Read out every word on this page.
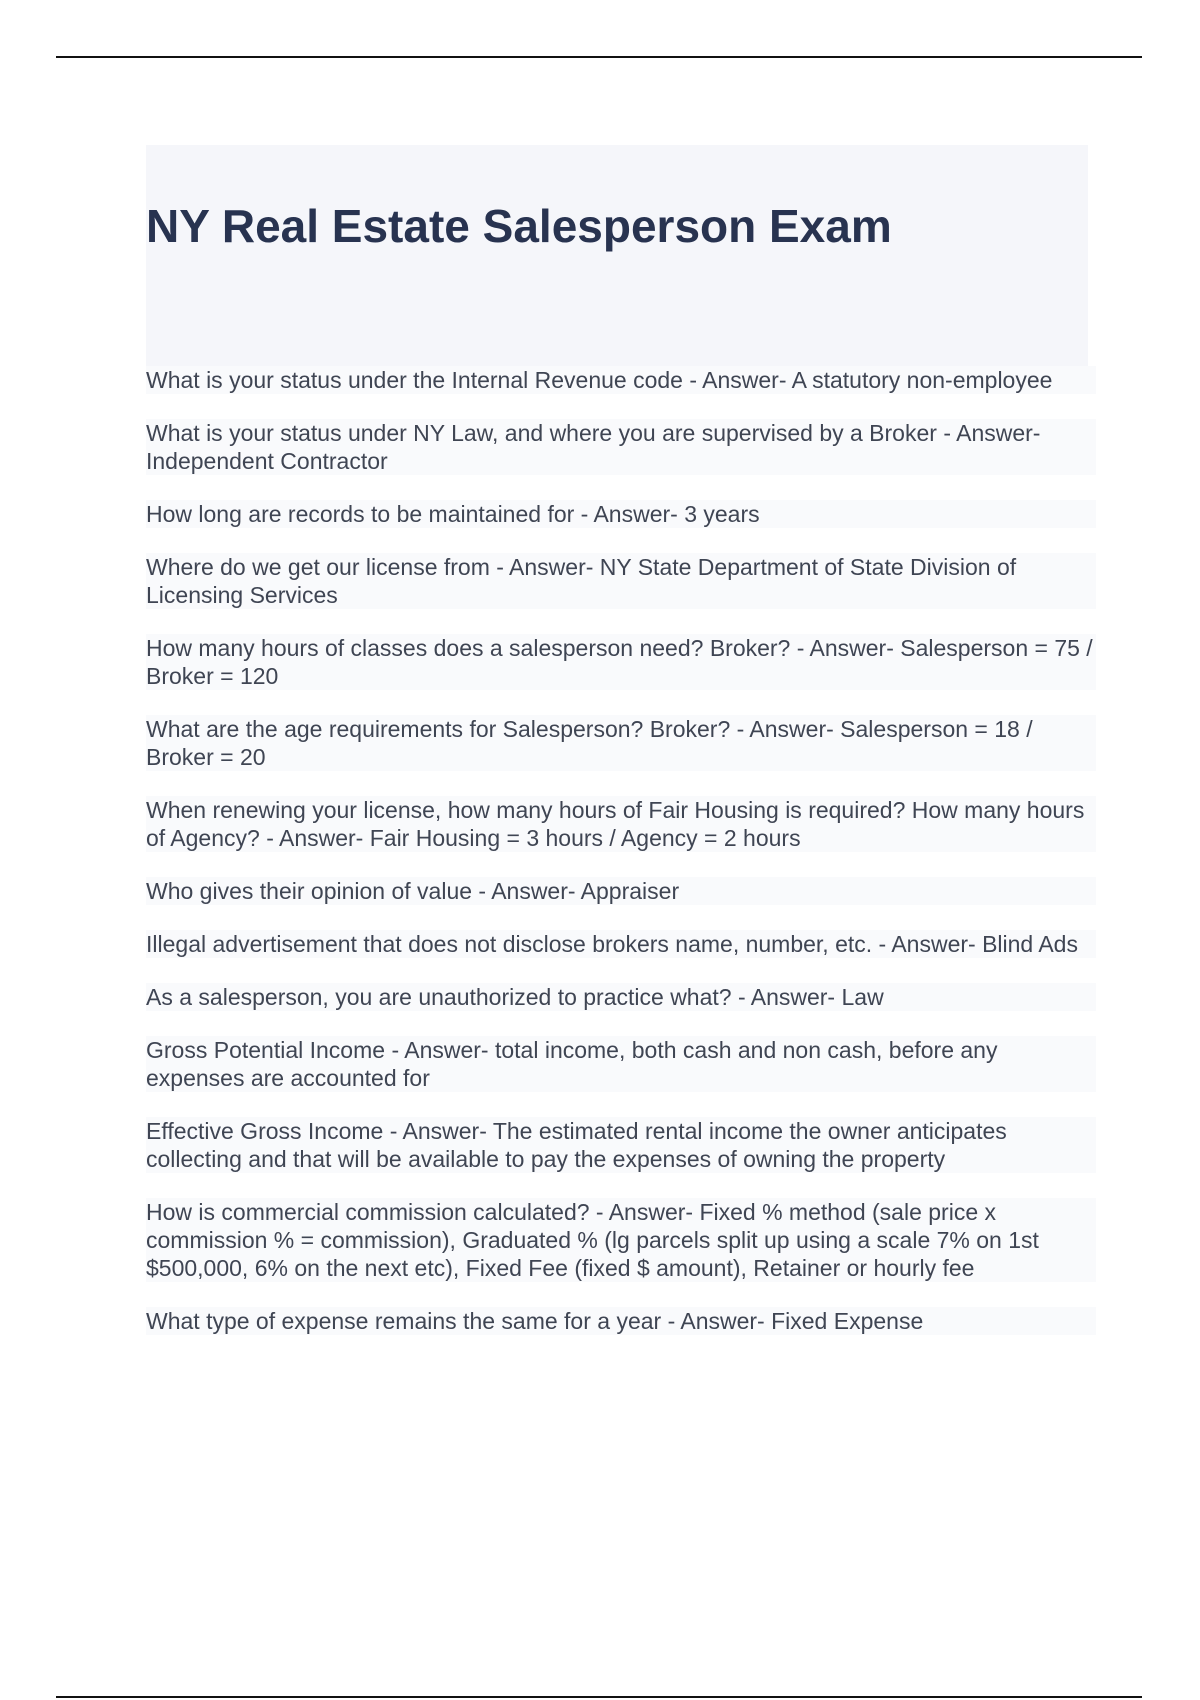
NY Real Estate Salesperson Exam

What is your status under the Internal Revenue code - Answer- A statutory non-employee

What is your status under NY Law, and where you are supervised by a Broker - Answer- Independent Contractor

How long are records to be maintained for - Answer- 3 years

Where do we get our license from - Answer- NY State Department of State Division of Licensing Services

How many hours of classes does a salesperson need? Broker? - Answer- Salesperson = 75 / Broker = 120

What are the age requirements for Salesperson? Broker? - Answer- Salesperson = 18 / Broker = 20

When renewing your license, how many hours of Fair Housing is required? How many hours of Agency? - Answer- Fair Housing = 3 hours / Agency = 2 hours

Who gives their opinion of value - Answer- Appraiser

Illegal advertisement that does not disclose brokers name, number, etc. - Answer- Blind Ads

As a salesperson, you are unauthorized to practice what? - Answer- Law

Gross Potential Income - Answer- total income, both cash and non cash, before any expenses are accounted for

Effective Gross Income - Answer- The estimated rental income the owner anticipates collecting and that will be available to pay the expenses of owning the property

How is commercial commission calculated? - Answer- Fixed % method (sale price x commission % = commission), Graduated % (lg parcels split up using a scale 7% on 1st $500,000, 6% on the next etc), Fixed Fee (fixed $ amount), Retainer or hourly fee

What type of expense remains the same for a year - Answer- Fixed Expense
